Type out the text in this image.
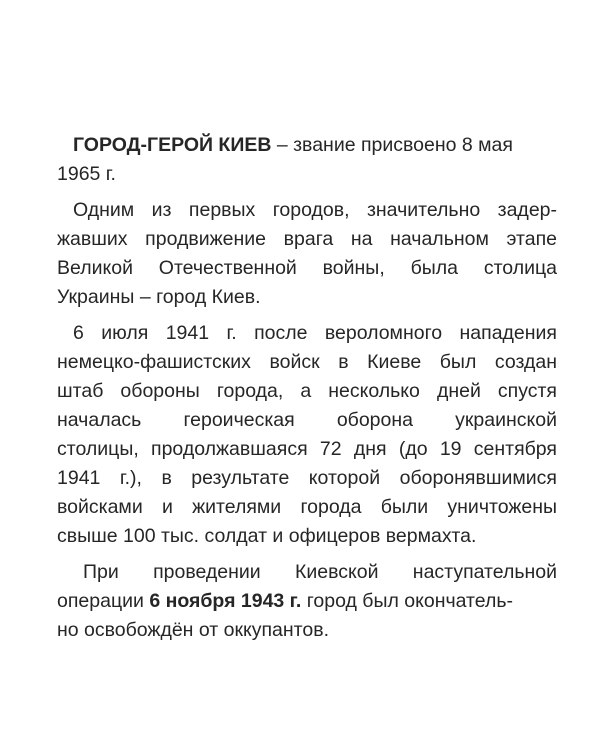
ГОРОД-ГЕРОЙ КИЕВ – звание присвоено 8 мая
1965 г.

Одним из первых городов, значительно задер-
жавших продвижение врага на начальном этапе
Великой Отечественной войны, была столица
Украины – город Киев.

6 июля 1941 г. после вероломного нападения
немецко-фашистских войск в Киеве был создан
штаб обороны города, а несколько дней спустя
началась героическая оборона украинской
столицы, продолжавшаяся 72 дня (до 19 сентября
1941 г.), в результате которой оборонявшимися
войсками и жителями города были уничтожены
свыше 100 тыс. солдат и офицеров вермахта.

При проведении Киевской наступательной
операции 6 ноября 1943 г. город был окончатель-
но освобождён от оккупантов.
